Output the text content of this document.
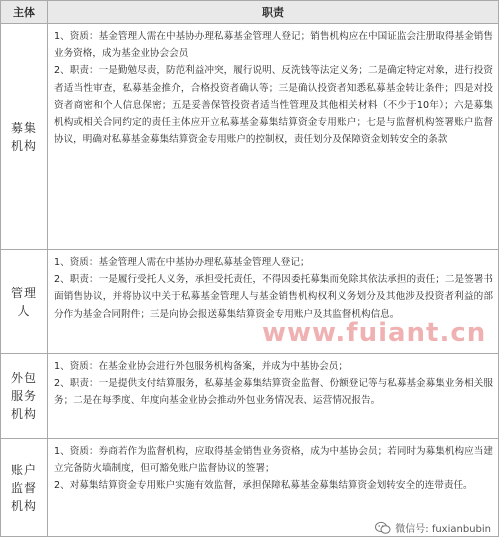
主体	职责
募集机构	1、资质：基金管理人需在中基协办理私募基金管理人登记；销售机构应在中国证监会注册取得基金销售业务资格，成为基金业协会会员

2、职责：一是勤勉尽责，防范利益冲突，履行说明、反洗钱等法定义务；二是确定特定对象，进行投资者适当性审查，私募基金推介，合格投资者确认等；三是确认投资者知悉私募基金转让条件；四是对投资者商密和个人信息保密；五是妥善保管投资者适当性管理及其他相关材料（不少于10年）；六是募集机构或相关合同约定的责任主体应开立私募基金募集结算资金专用账户；七是与监督机构签署账户监督协议，明确对私募基金募集结算资金专用账户的控制权，责任划分及保障资金划转安全的条款

管理人	1、资质：基金管理人需在中基协办理私募基金管理人登记；

2、职责：一是履行受托人义务，承担受托责任，不得因委托募集而免除其依法承担的责任；二是签署书面销售协议，并将协议中关于私募基金管理人与基金销售机构权利义务划分及其他涉及投资者利益的部分作为基金合同附件；三是向协会报送募集结算资金专用账户及其监督机构信息。

外包服务机构	1、资质：在基金业协会进行外包服务机构备案，并成为中基协会员；

2、职责：一是提供支付结算服务，私募基金募集结算资金监督、份额登记等与私募基金募集业务相关服务；二是在每季度、年度向基金业协会推动外包业务情况表、运营情况报告。

账户监督机构	1、资质：券商若作为监督机构，应取得基金销售业务资格，成为中基协会员；若同时为募集机构应当建立完备防火墙制度，但可豁免账户监督协议的签署；

2、对募集结算资金专用账户实施有效监督，承担保障私募基金募集结算资金划转安全的连带责任。

www.fuiant.cn
微信号: fuxianbubin
